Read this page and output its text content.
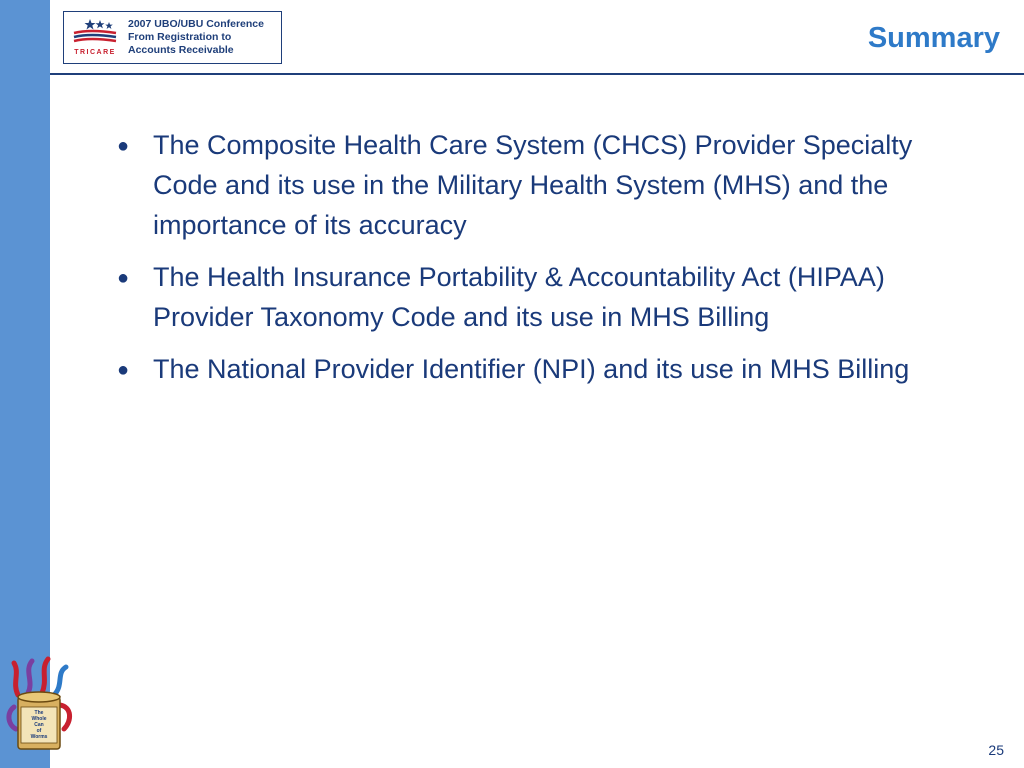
TRICARE
2007 UBO/UBU Conference
From Registration to
Accounts Receivable	Summary
● The Composite Health Care System (CHCS) Provider Specialty Code and its use in the Military Health System (MHS) and the importance of its accuracy
● The Health Insurance Portability & Accountability Act (HIPAA) Provider Taxonomy Code and its use in MHS Billing
● The National Provider Identifier (NPI) and its use in MHS Billing
The
Whole
Can
of
Worms
25
